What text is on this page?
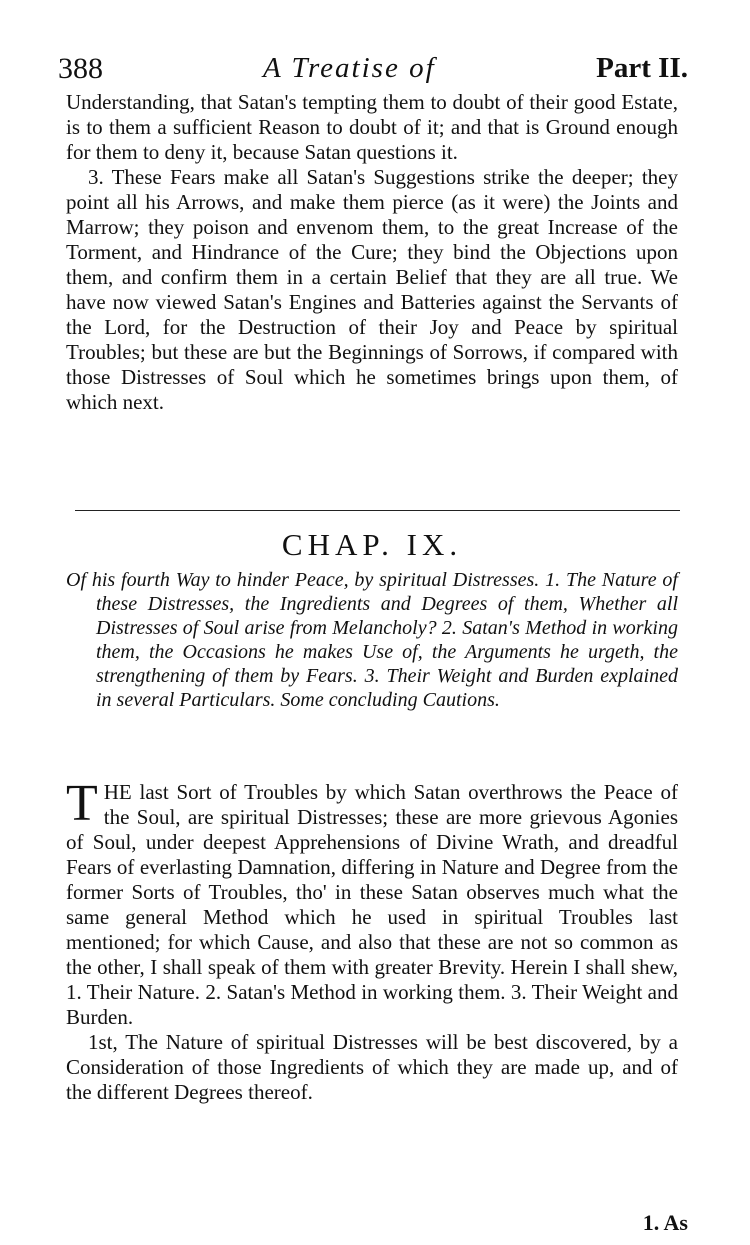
388	A Treatise of	Part II.

Understanding, that Satan's tempting them to doubt of their good Estate, is to them a sufficient Reason to doubt of it; and that is Ground enough for them to deny it, because Satan questions it.

3. These Fears make all Satan's Suggestions strike the deeper; they point all his Arrows, and make them pierce (as it were) the Joints and Marrow; they poison and envenom them, to the great Increase of the Torment, and Hindrance of the Cure; they bind the Objections upon them, and confirm them in a certain Belief that they are all true. We have now viewed Satan's Engines and Batteries against the Servants of the Lord, for the Destruction of their Joy and Peace by spiritual Troubles; but these are but the Beginnings of Sorrows, if compared with those Distresses of Soul which he sometimes brings upon them, of which next.

CHAP. IX.

Of his fourth Way to hinder Peace, by spiritual Distresses. 1. The Nature of these Distresses, the Ingredients and Degrees of them, Whether all Distresses of Soul arise from Melancholy? 2. Satan's Method in working them, the Occasions he makes Use of, the Arguments he urgeth, the strengthening of them by Fears. 3. Their Weight and Burden explained in several Particulars. Some concluding Cautions.

THE last Sort of Troubles by which Satan overthrows the Peace of the Soul, are spiritual Distresses; these are more grievous Agonies of Soul, under deepest Apprehensions of Divine Wrath, and dreadful Fears of everlasting Damnation, differing in Nature and Degree from the former Sorts of Troubles, tho' in these Satan observes much what the same general Method which he used in spiritual Troubles last mentioned; for which Cause, and also that these are not so common as the other, I shall speak of them with greater Brevity. Herein I shall shew, 1. Their Nature. 2. Satan's Method in working them. 3. Their Weight and Burden.

1st, The Nature of spiritual Distresses will be best discovered, by a Consideration of those Ingredients of which they are made up, and of the different Degrees thereof.

1. As
